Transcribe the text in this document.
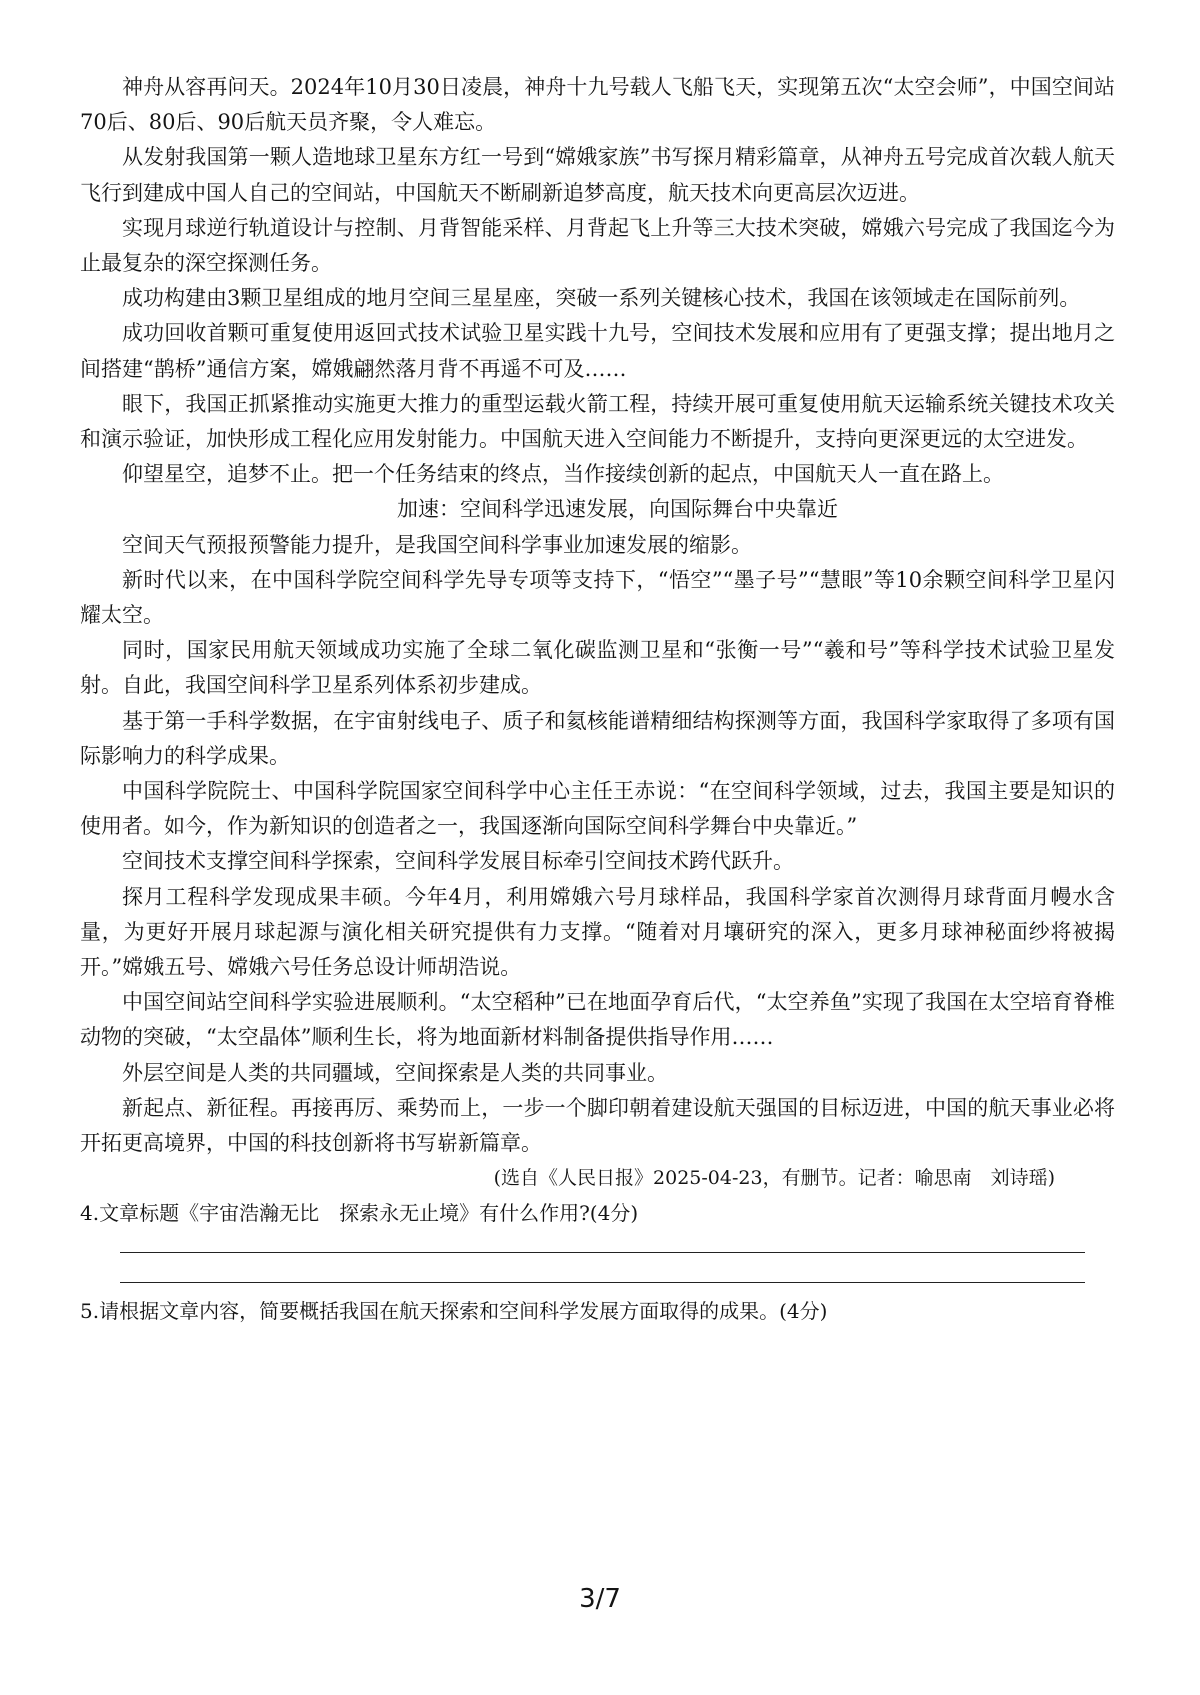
神舟从容再问天。2024年10月30日凌晨，神舟十九号载人飞船飞天，实现第五次“太空会师”，中国空间站70后、80后、90后航天员齐聚，令人难忘。

从发射我国第一颗人造地球卫星东方红一号到“嫦娥家族”书写探月精彩篇章，从神舟五号完成首次载人航天飞行到建成中国人自己的空间站，中国航天不断刷新追梦高度，航天技术向更高层次迈进。

实现月球逆行轨道设计与控制、月背智能采样、月背起飞上升等三大技术突破，嫦娥六号完成了我国迄今为止最复杂的深空探测任务。

成功构建由3颗卫星组成的地月空间三星星座，突破一系列关键核心技术，我国在该领域走在国际前列。

成功回收首颗可重复使用返回式技术试验卫星实践十九号，空间技术发展和应用有了更强支撑；提出地月之间搭建“鹊桥”通信方案，嫦娥翩然落月背不再遥不可及……

眼下，我国正抓紧推动实施更大推力的重型运载火箭工程，持续开展可重复使用航天运输系统关键技术攻关和演示验证，加快形成工程化应用发射能力。中国航天进入空间能力不断提升，支持向更深更远的太空进发。

仰望星空，追梦不止。把一个任务结束的终点，当作接续创新的起点，中国航天人一直在路上。

加速：空间科学迅速发展，向国际舞台中央靠近

空间天气预报预警能力提升，是我国空间科学事业加速发展的缩影。

新时代以来，在中国科学院空间科学先导专项等支持下，“悟空”“墨子号”“慧眼”等10余颗空间科学卫星闪耀太空。

同时，国家民用航天领域成功实施了全球二氧化碳监测卫星和“张衡一号”“羲和号”等科学技术试验卫星发射。自此，我国空间科学卫星系列体系初步建成。

基于第一手科学数据，在宇宙射线电子、质子和氦核能谱精细结构探测等方面，我国科学家取得了多项有国际影响力的科学成果。

中国科学院院士、中国科学院国家空间科学中心主任王赤说：“在空间科学领域，过去，我国主要是知识的使用者。如今，作为新知识的创造者之一，我国逐渐向国际空间科学舞台中央靠近。”

空间技术支撑空间科学探索，空间科学发展目标牵引空间技术跨代跃升。

探月工程科学发现成果丰硕。今年4月，利用嫦娥六号月球样品，我国科学家首次测得月球背面月幔水含量，为更好开展月球起源与演化相关研究提供有力支撑。“随着对月壤研究的深入，更多月球神秘面纱将被揭开。”嫦娥五号、嫦娥六号任务总设计师胡浩说。

中国空间站空间科学实验进展顺利。“太空稻种”已在地面孕育后代，“太空养鱼”实现了我国在太空培育脊椎动物的突破，“太空晶体”顺利生长，将为地面新材料制备提供指导作用……

外层空间是人类的共同疆域，空间探索是人类的共同事业。

新起点、新征程。再接再厉、乘势而上，一步一个脚印朝着建设航天强国的目标迈进，中国的航天事业必将开拓更高境界，中国的科技创新将书写崭新篇章。

(选自《人民日报》2025-04-23，有删节。记者：喻思南　刘诗瑶)

4.文章标题《宇宙浩瀚无比　探索永无止境》有什么作用?(4分)

5.请根据文章内容，简要概括我国在航天探索和空间科学发展方面取得的成果。(4分)

3/7
